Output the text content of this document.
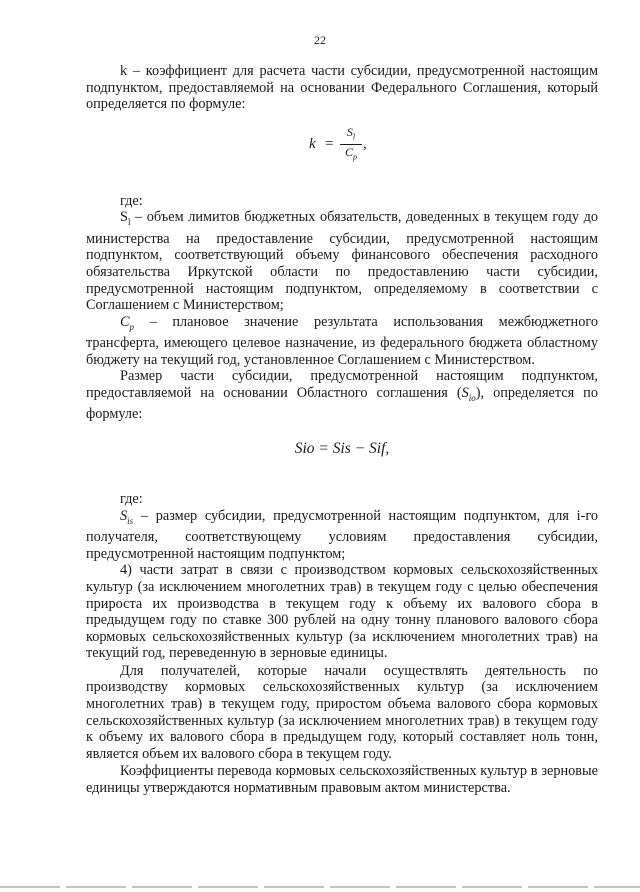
22

k – коэффициент для расчета части субсидии, предусмотренной настоящим подпунктом, предоставляемой на основании Федерального Соглашения, который определяется по формуле:

$k = \frac{S_l}{C_p}$ ,

где:

$S_l$ – объем лимитов бюджетных обязательств, доведенных в текущем году до министерства на предоставление субсидии, предусмотренной настоящим подпунктом, соответствующий объему финансового обеспечения расходного обязательства Иркутской области по предоставлению части субсидии, предусмотренной настоящим подпунктом, определяемому в соответствии с Соглашением с Министерством;

$C_p$ – плановое значение результата использования межбюджетного трансферта, имеющего целевое назначение, из федерального бюджета областному бюджету на текущий год, установленное Соглашением с Министерством.

Размер части субсидии, предусмотренной настоящим подпунктом, предоставляемой на основании Областного соглашения $(S_{io})$, определяется по формуле:

Sio = Sis − Sif,

где:

$S_{is}$ – размер субсидии, предусмотренной настоящим подпунктом, для i-го получателя, соответствующему условиям предоставления субсидии, предусмотренной настоящим подпунктом;

4) части затрат в связи с производством кормовых сельскохозяйственных культур (за исключением многолетних трав) в текущем году с целью обеспечения прироста их производства в текущем году к объему их валового сбора в предыдущем году по ставке 300 рублей на одну тонну планового валового сбора кормовых сельскохозяйственных культур (за исключением многолетних трав) на текущий год, переведенную в зерновые единицы.

Для получателей, которые начали осуществлять деятельность по производству кормовых сельскохозяйственных культур (за исключением многолетних трав) в текущем году, приростом объема валового сбора кормовых сельскохозяйственных культур (за исключением многолетних трав) в текущем году к объему их валового сбора в предыдущем году, который составляет ноль тонн, является объем их валового сбора в текущем году.

Коэффициенты перевода кормовых сельскохозяйственных культур в зерновые единицы утверждаются нормативным правовым актом министерства.
